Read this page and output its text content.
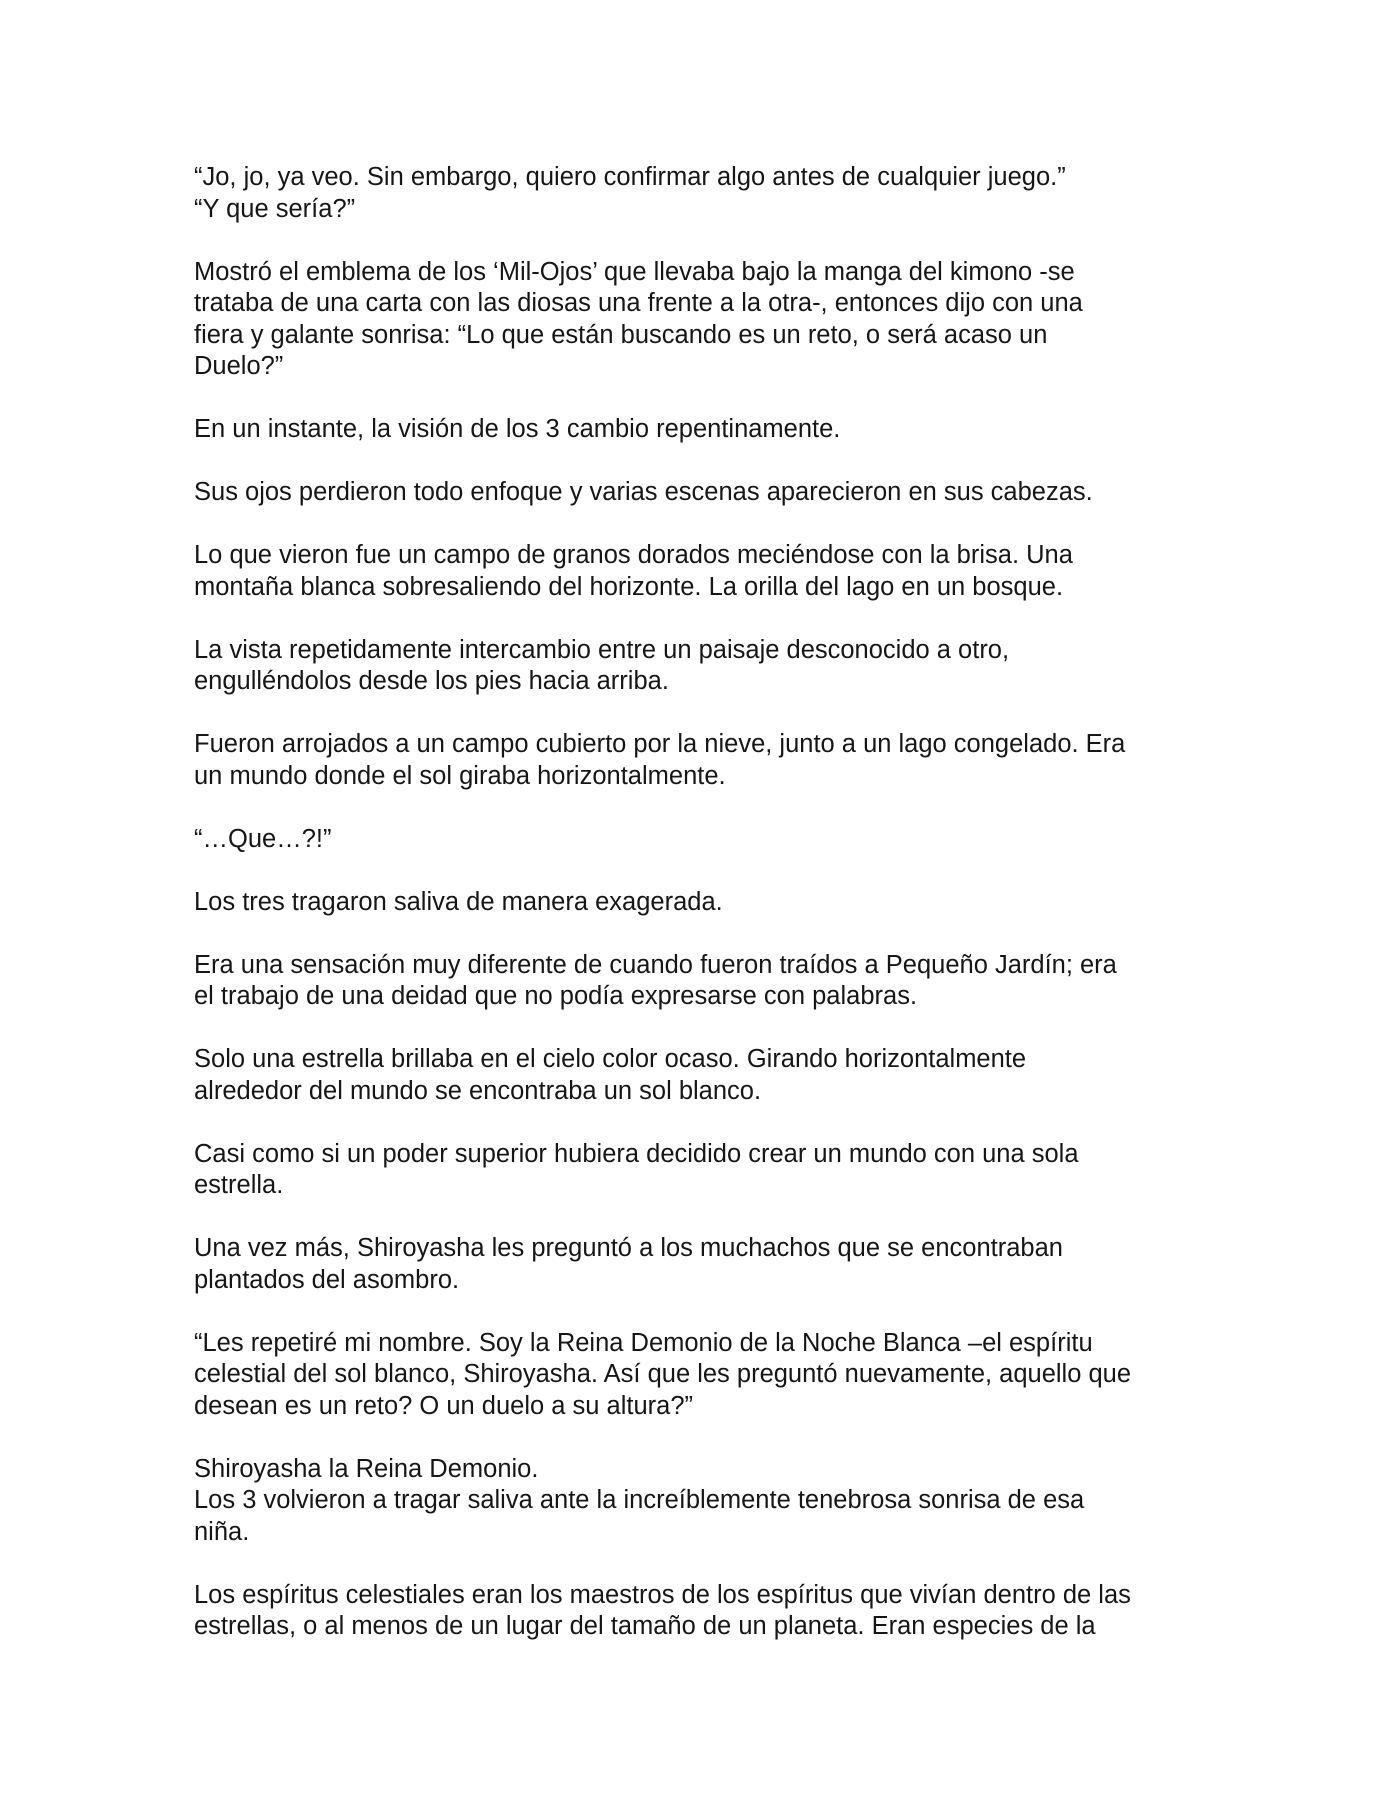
“Jo, jo, ya veo. Sin embargo, quiero confirmar algo antes de cualquier juego.”
“Y que sería?”

Mostró el emblema de los ‘Mil-Ojos’ que llevaba bajo la manga del kimono -se
trataba de una carta con las diosas una frente a la otra-, entonces dijo con una
fiera y galante sonrisa: “Lo que están buscando es un reto, o será acaso un
Duelo?”

En un instante, la visión de los 3 cambio repentinamente.

Sus ojos perdieron todo enfoque y varias escenas aparecieron en sus cabezas.

Lo que vieron fue un campo de granos dorados meciéndose con la brisa. Una
montaña blanca sobresaliendo del horizonte. La orilla del lago en un bosque.

La vista repetidamente intercambio entre un paisaje desconocido a otro,
engulléndolos desde los pies hacia arriba.

Fueron arrojados a un campo cubierto por la nieve, junto a un lago congelado. Era
un mundo donde el sol giraba horizontalmente.

“…Que…?!”

Los tres tragaron saliva de manera exagerada.

Era una sensación muy diferente de cuando fueron traídos a Pequeño Jardín; era
el trabajo de una deidad que no podía expresarse con palabras.

Solo una estrella brillaba en el cielo color ocaso. Girando horizontalmente
alrededor del mundo se encontraba un sol blanco.

Casi como si un poder superior hubiera decidido crear un mundo con una sola
estrella.

Una vez más, Shiroyasha les preguntó a los muchachos que se encontraban
plantados del asombro.

“Les repetiré mi nombre. Soy la Reina Demonio de la Noche Blanca –el espíritu
celestial del sol blanco, Shiroyasha. Así que les preguntó nuevamente, aquello que
desean es un reto? O un duelo a su altura?”

Shiroyasha la Reina Demonio.
Los 3 volvieron a tragar saliva ante la increíblemente tenebrosa sonrisa de esa
niña.

Los espíritus celestiales eran los maestros de los espíritus que vivían dentro de las
estrellas, o al menos de un lugar del tamaño de un planeta. Eran especies de la
